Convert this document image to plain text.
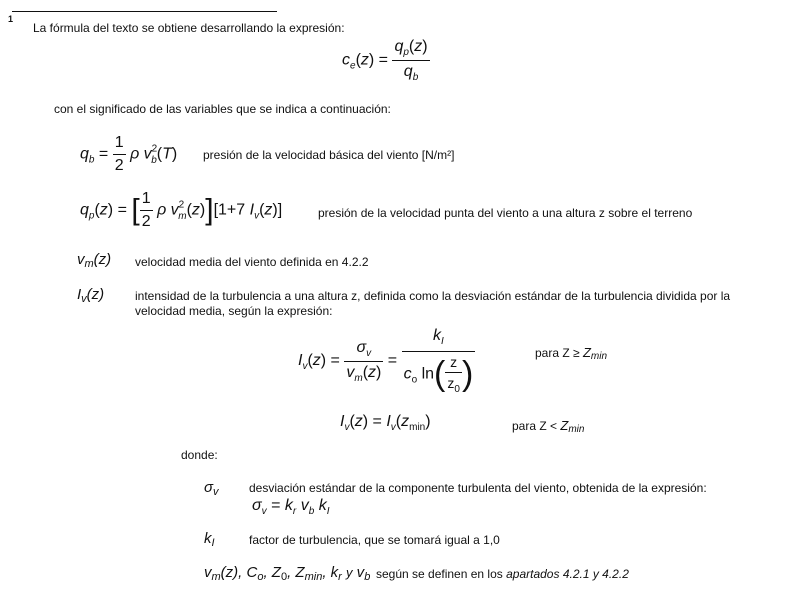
1
La fórmula del texto se obtiene desarrollando la expresión:
$c_e(z) = \frac{q_p(z)}{q_b}$
con el significado de las variables que se indica a continuación:
$q_b = \frac{1}{2}$ ρ $v^2_b(T)$ presión de la velocidad básica del viento [N/m²]
$q_p(z)$ = [ $\frac{1}{2}$ ρ $v^2_m(z)][1+7$ $I_v(z)$]	presión de la velocidad punta del viento a una altura z sobre el terreno
$v_m(z)$ velocidad media del viento definida en 4.2.2
$I_v(z)$	intensidad de la turbulencia a una altura z, definida como la desviación estándar de la turbulencia dividida por la
velocidad media, según la expresión:
$I_v(z) = \frac{\sigma_v}{v_m(z)} = \frac{k_I}{c_o \ln( \frac{z}{z_0} )}$	para Z ≥ Zmin
$I_v(z) = I_v(z_{min})$	para Z < Zmin
donde:
$\sigma_v$	desviación estándar de la componente turbulenta del viento, obtenida de la expresión:
$\sigma_v = k_r$ $v_b$ $k_I$
$k_I$	factor de turbulencia, que se tomará igual a 1,0
$v_m(z)$, $C_o$, $Z_0$, $Z_{min}$, $k_r$ y $v_b$ según se definen en los apartados 4.2.1 y 4.2.2
